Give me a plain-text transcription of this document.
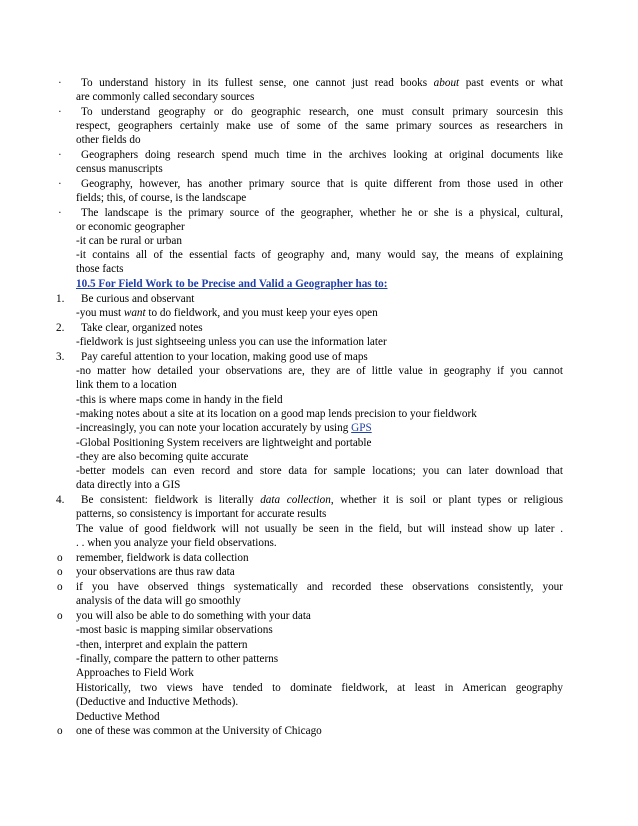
·	To understand history in its fullest sense, one cannot just read books about past events or what
are commonly called secondary sources
·	To understand geography or do geographic research, one must consult primary sourcesin this
respect, geographers certainly make use of some of the same primary sources as researchers in
other fields do
·	Geographers doing research spend much time in the archives looking at original documents like
census manuscripts
·	Geography, however, has another primary source that is quite different from those used in other
fields; this, of course, is the landscape
·	The landscape is the primary source of the geographer, whether he or she is a physical, cultural,
or economic geographer
-it can be rural or urban
-it contains all of the essential facts of geography and, many would say, the means of explaining
those facts
10.5 For Field Work to be Precise and Valid a Geographer has to:
1.	Be curious and observant
-you must want to do fieldwork, and you must keep your eyes open
2.	Take clear, organized notes
-fieldwork is just sightseeing unless you can use the information later
3.	Pay careful attention to your location, making good use of maps
-no matter how detailed your observations are, they are of little value in geography if you cannot
link them to a location
-this is where maps come in handy in the field
-making notes about a site at its location on a good map lends precision to your fieldwork
-increasingly, you can note your location accurately by using GPS
-Global Positioning System receivers are lightweight and portable
-they are also becoming quite accurate
-better models can even record and store data for sample locations; you can later download that
data directly into a GIS
4.	Be consistent: fieldwork is literally data collection, whether it is soil or plant types or religious
patterns, so consistency is important for accurate results
The value of good fieldwork will not usually be seen in the field, but will instead show up later .
. . when you analyze your field observations.
o remember, fieldwork is data collection
o your observations are thus raw data
o if you have observed things systematically and recorded these observations consistently, your
analysis of the data will go smoothly
o you will also be able to do something with your data
-most basic is mapping similar observations
-then, interpret and explain the pattern
-finally, compare the pattern to other patterns
Approaches to Field Work
Historically, two views have tended to dominate fieldwork, at least in American geography
(Deductive and Inductive Methods).
Deductive Method
o one of these was common at the University of Chicago
